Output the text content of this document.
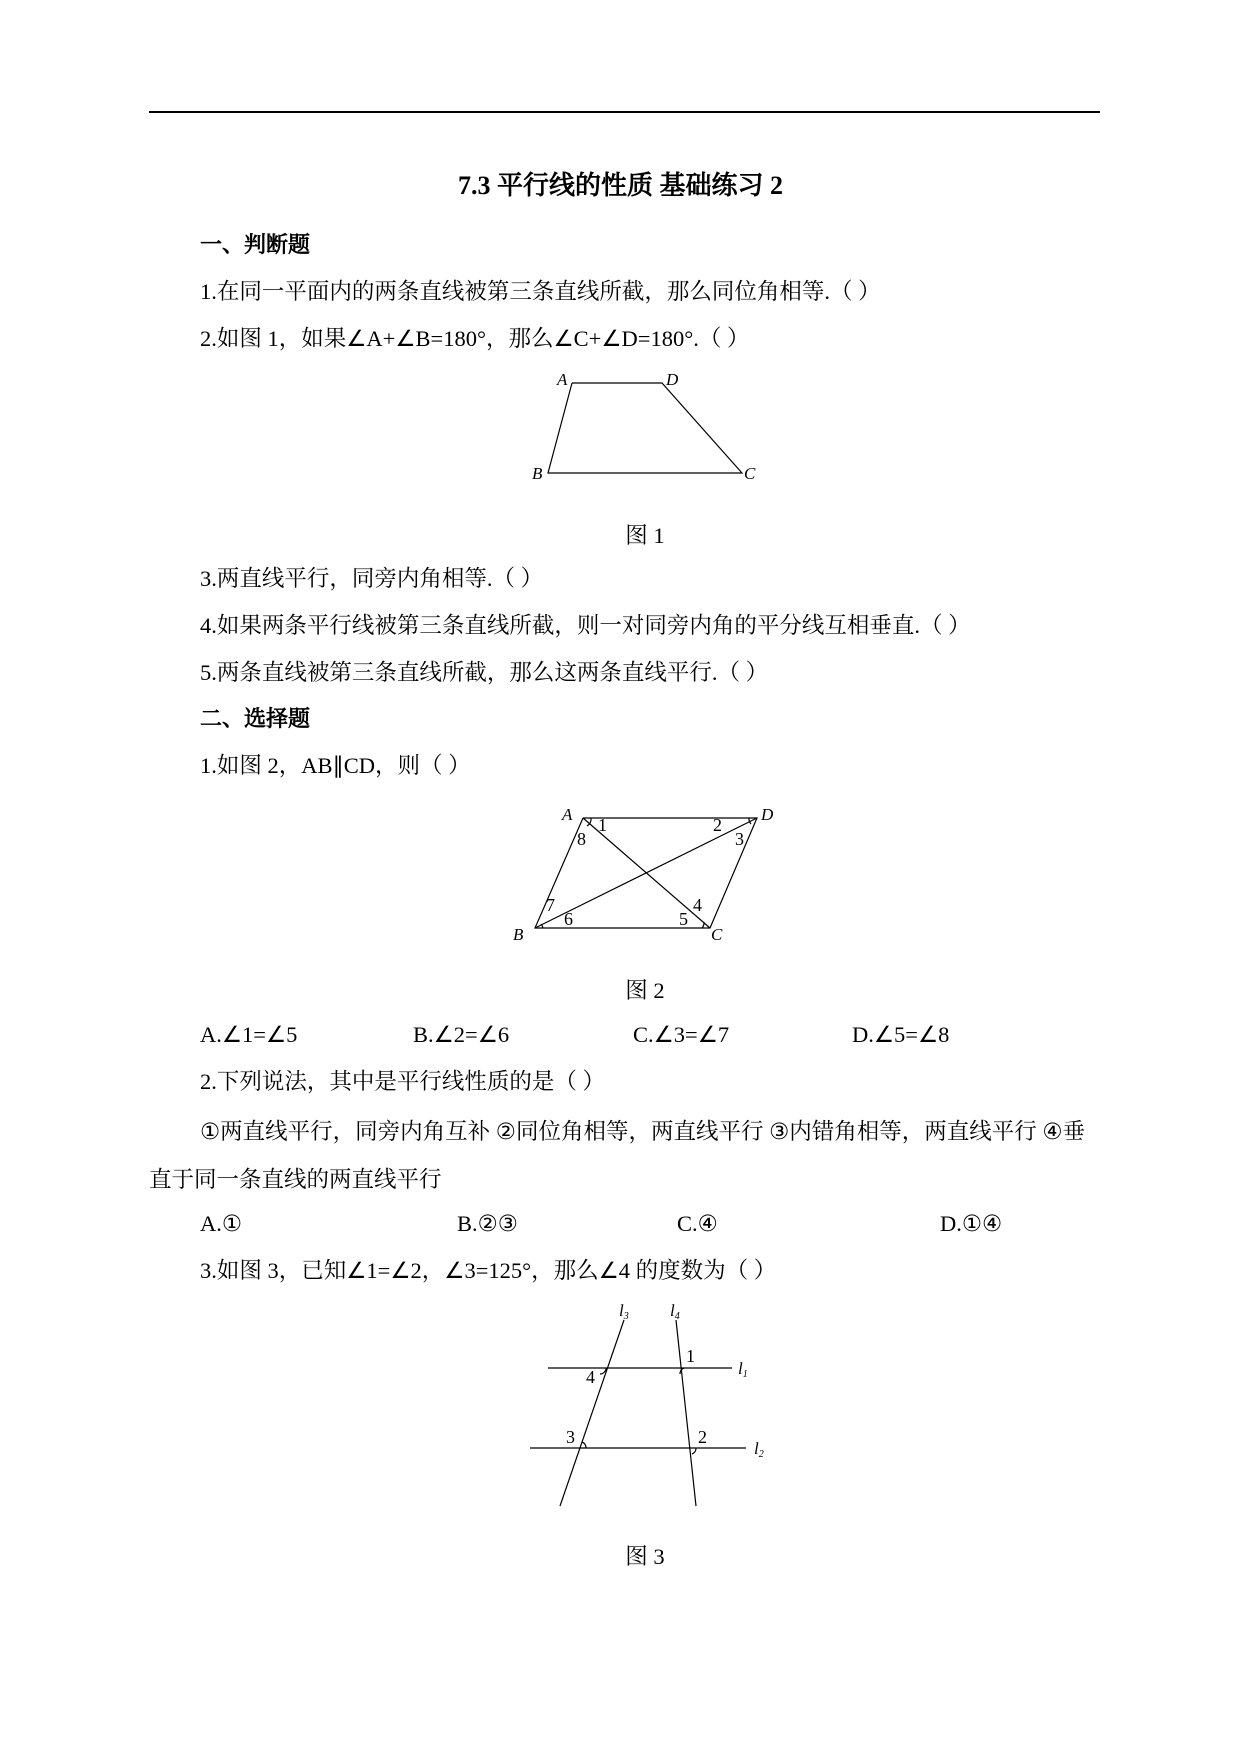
7.3 平行线的性质 基础练习 2
一、判断题
1.在同一平面内的两条直线被第三条直线所截，那么同位角相等.（ ）
2.如图 1，如果∠A+∠B=180°，那么∠C+∠D=180°.（ ）
A	D
B	C
图 1
3.两直线平行，同旁内角相等.（ ）
4.如果两条平行线被第三条直线所截，则一对同旁内角的平分线互相垂直.（ ）
5.两条直线被第三条直线所截，那么这两条直线平行.（ ）
二、选择题
1.如图 2，AB∥CD，则（ ）
A	D
B	C
1	2
3
4
5
6
7
8
图 2
A.∠1=∠5	B.∠2=∠6	C.∠3=∠7	D.∠5=∠8
2.下列说法，其中是平行线性质的是（ ）
①两直线平行，同旁内角互补 ②同位角相等，两直线平行 ③内错角相等，两直线平行 ④垂直于同一条直线的两直线平行
A.①	B.②③	C.④	D.①④
3.如图 3，已知∠1=∠2，∠3=125°，那么∠4 的度数为（ ）
l3 l4
l1
l2
1
2
3
4
图 3
